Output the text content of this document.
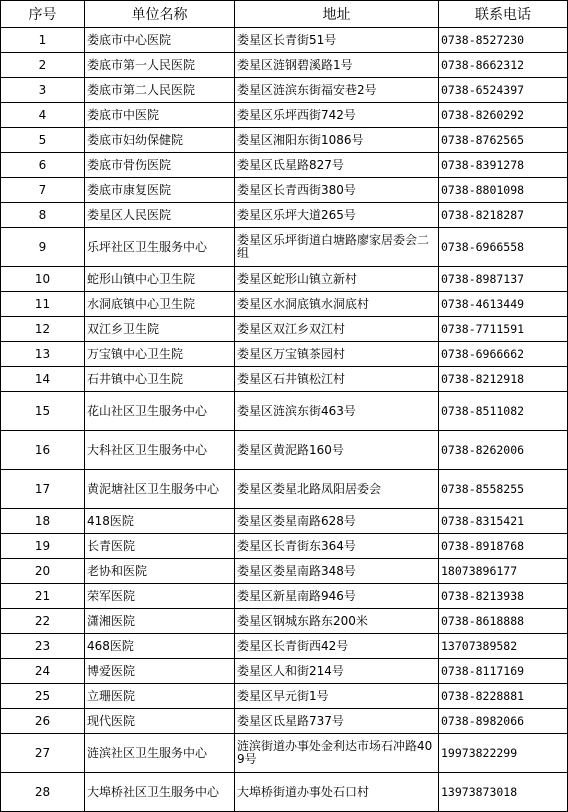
序号	单位名称	地址	联系电话
1	娄底市中心医院	娄星区长青街51号	0738-8527230
2	娄底市第一人民医院	娄星区涟钢碧溪路1号	0738-8662312
3	娄底市第二人民医院	娄星区涟滨东街福安巷2号	0738-6524397
4	娄底市中医院	娄星区乐坪西街742号	0738-8260292
5	娄底市妇幼保健院	娄星区湘阳东街1086号	0738-8762565
6	娄底市骨伤医院	娄星区氐星路827号	0738-8391278
7	娄底市康复医院	娄星区长青西街380号	0738-8801098
8	娄星区人民医院	娄星区乐坪大道265号	0738-8218287
9	乐坪社区卫生服务中心	娄星区乐坪街道白塘路廖家居委会二组	0738-6966558
10	蛇形山镇中心卫生院	娄星区蛇形山镇立新村	0738-8987137
11	水洞底镇中心卫生院	娄星区水洞底镇水洞底村	0738-4613449
12	双江乡卫生院	娄星区双江乡双江村	0738-7711591
13	万宝镇中心卫生院	娄星区万宝镇茶园村	0738-6966662
14	石井镇中心卫生院	娄星区石井镇松江村	0738-8212918
15	花山社区卫生服务中心	娄星区涟滨东街463号	0738-8511082
16	大科社区卫生服务中心	娄星区黄泥路160号	0738-8262006
17	黄泥塘社区卫生服务中心	娄星区娄星北路凤阳居委会	0738-8558255
18	418医院	娄星区娄星南路628号	0738-8315421
19	长青医院	娄星区长青街东364号	0738-8918768
20	老协和医院	娄星区娄星南路348号	18073896177
21	荣军医院	娄星区新星南路946号	0738-8213938
22	潇湘医院	娄星区钢城东路东200米	0738-8618888
23	468医院	娄星区长青街西42号	13707389582
24	博爱医院	娄星区人和街214号	0738-8117169
25	立珊医院	娄星区早元街1号	0738-8228881
26	现代医院	娄星区氐星路737号	0738-8982066
27	涟滨社区卫生服务中心	涟滨街道办事处金利达市场石冲路409号	19973822299
28	大埠桥社区卫生服务中心	大埠桥街道办事处石口村	13973873018
